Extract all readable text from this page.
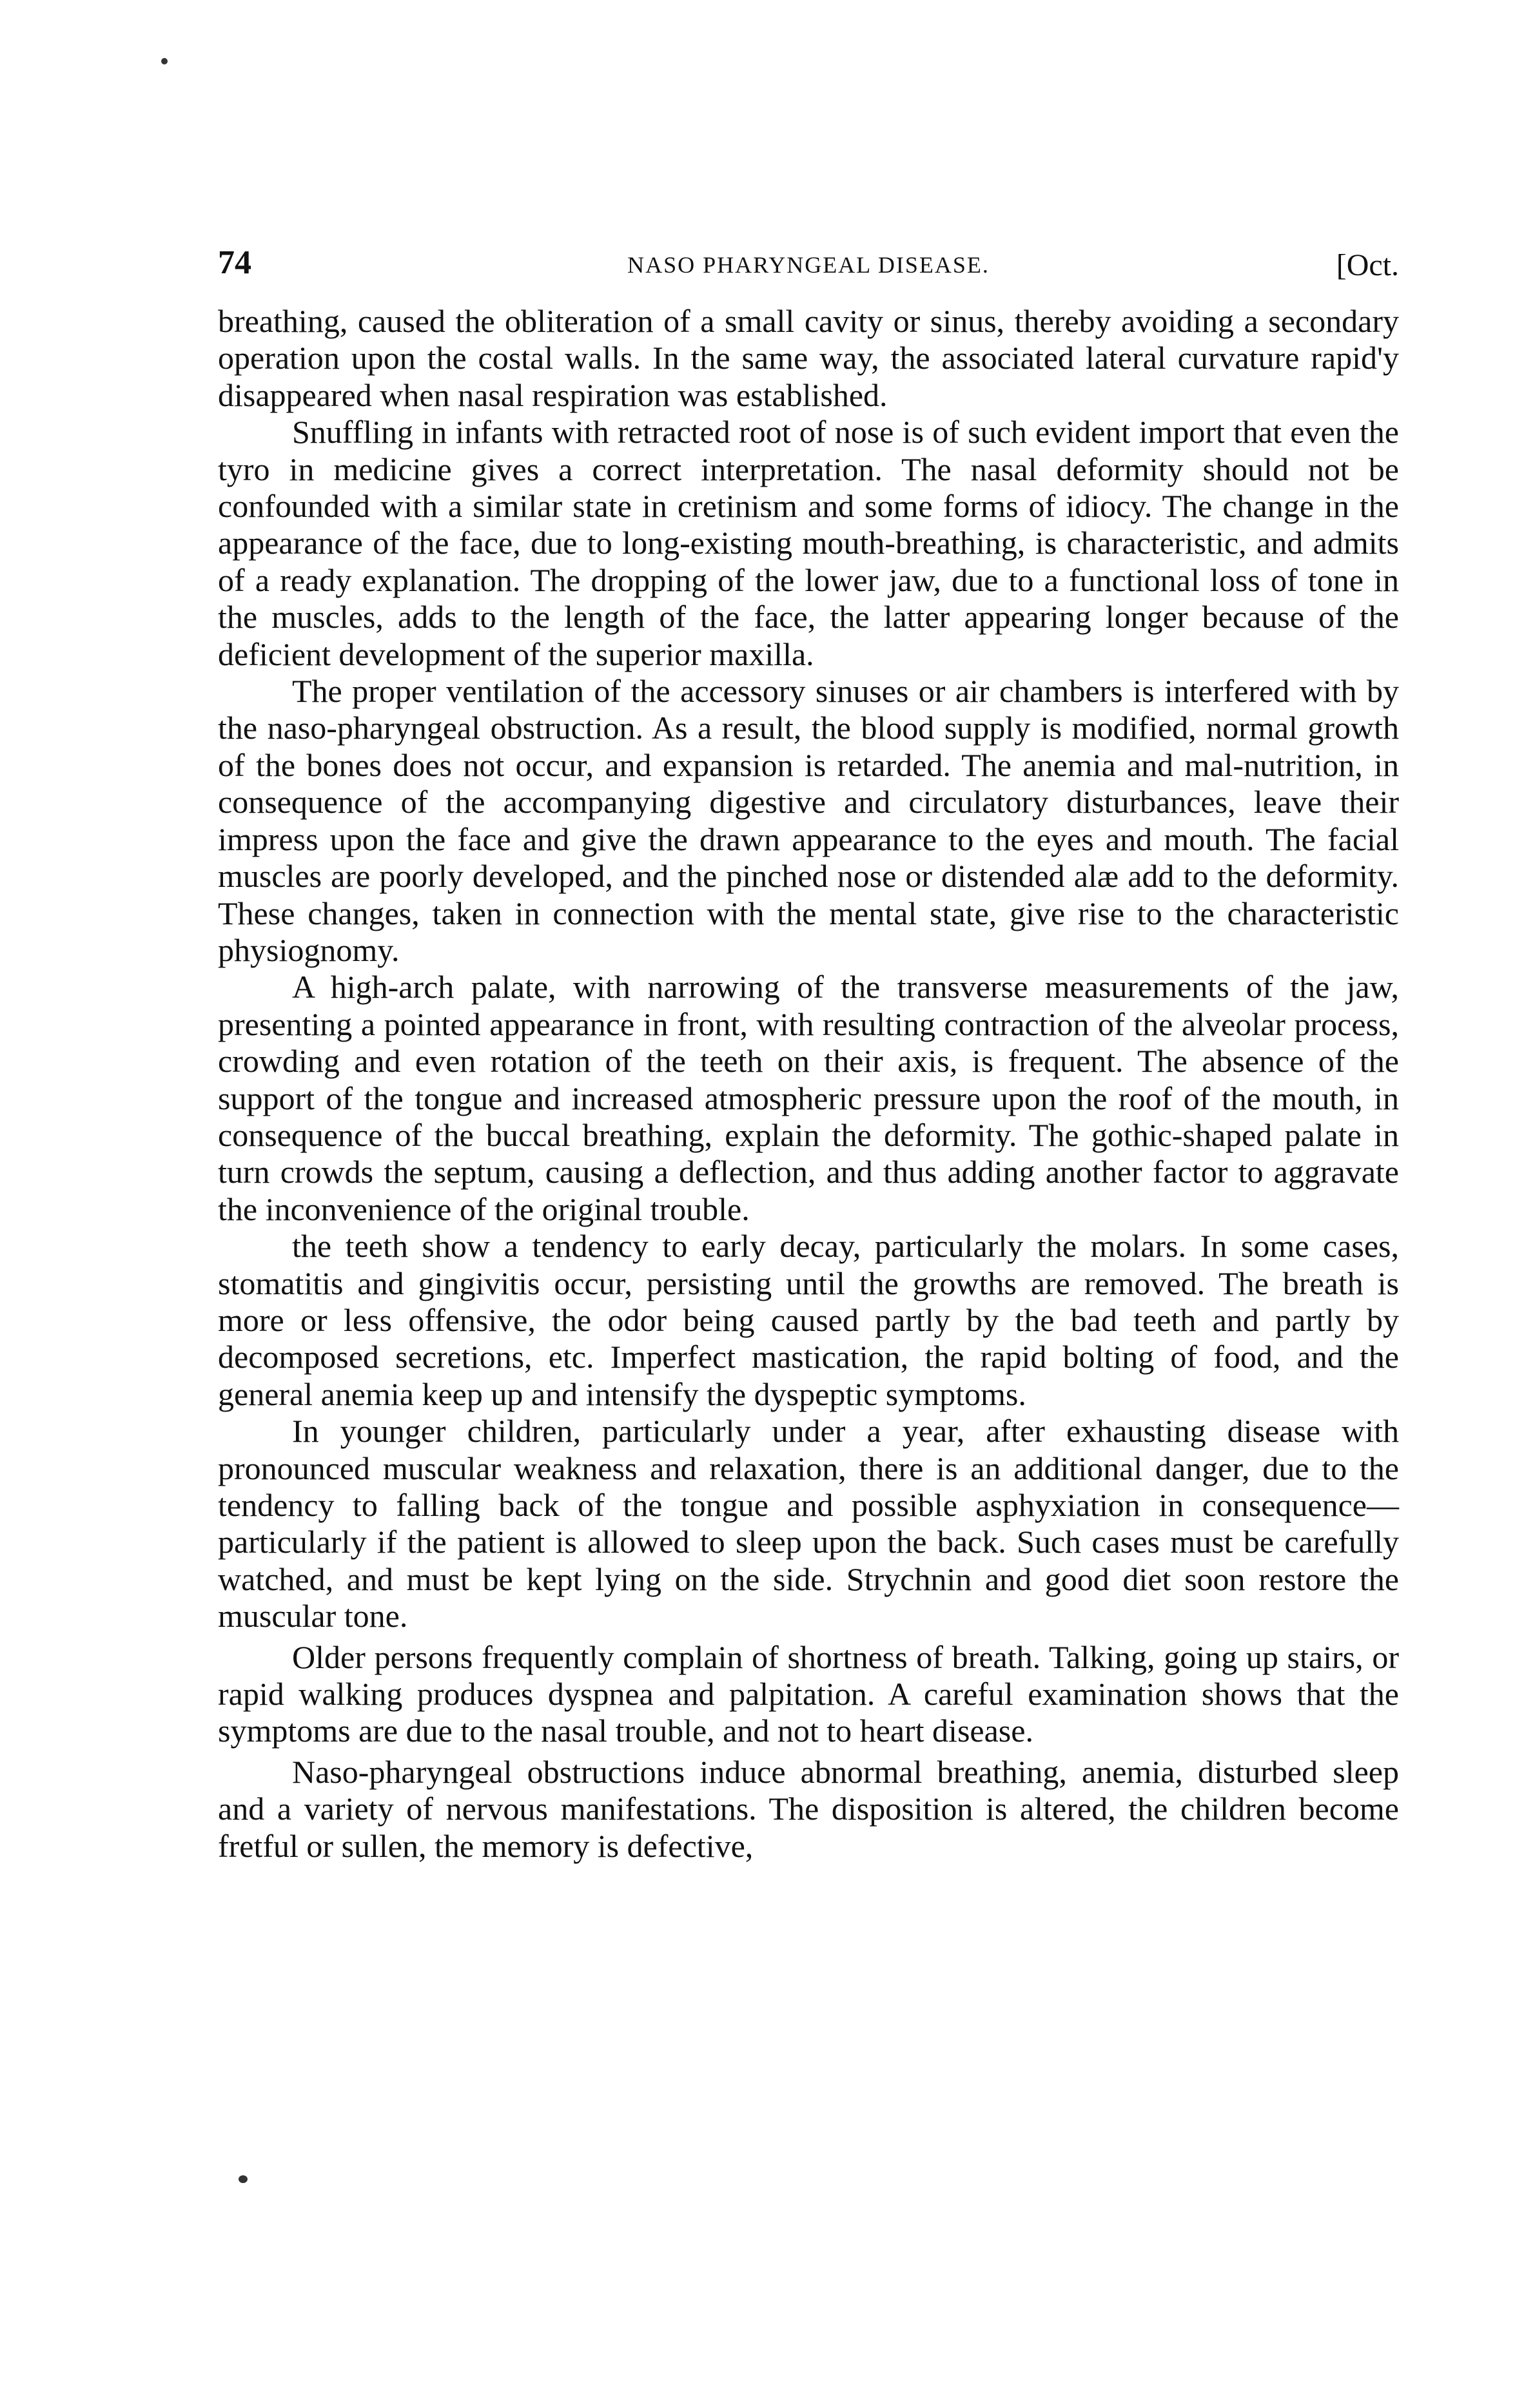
74	NASO PHARYNGEAL DISEASE.	[Oct.

breathing, caused the obliteration of a small cavity or sinus, thereby avoiding a secondary operation upon the costal walls. In the same way, the associated lateral curvature rapid'y disappeared when nasal respiration was established.

Snuffling in infants with retracted root of nose is of such evident import that even the tyro in medicine gives a correct interpretation. The nasal deformity should not be confounded with a similar state in cretinism and some forms of idiocy. The change in the appearance of the face, due to long-existing mouth-breathing, is characteristic, and admits of a ready explanation. The dropping of the lower jaw, due to a functional loss of tone in the muscles, adds to the length of the face, the latter appearing longer because of the deficient development of the superior maxilla.

The proper ventilation of the accessory sinuses or air chambers is interfered with by the naso-pharyngeal obstruction. As a result, the blood supply is modified, normal growth of the bones does not occur, and expansion is retarded. The anemia and mal-nutrition, in consequence of the accompanying digestive and circulatory disturbances, leave their impress upon the face and give the drawn appearance to the eyes and mouth. The facial muscles are poorly developed, and the pinched nose or distended alæ add to the deformity. These changes, taken in connection with the mental state, give rise to the characteristic physiognomy.

A high-arch palate, with narrowing of the transverse measurements of the jaw, presenting a pointed appearance in front, with resulting contraction of the alveolar process, crowding and even rotation of the teeth on their axis, is frequent. The absence of the support of the tongue and increased atmospheric pressure upon the roof of the mouth, in consequence of the buccal breathing, explain the deformity. The gothic-shaped palate in turn crowds the septum, causing a deflection, and thus adding another factor to aggravate the inconvenience of the original trouble.

the teeth show a tendency to early decay, particularly the molars. In some cases, stomatitis and gingivitis occur, persisting until the growths are removed. The breath is more or less offensive, the odor being caused partly by the bad teeth and partly by decomposed secretions, etc. Imperfect mastication, the rapid bolting of food, and the general anemia keep up and intensify the dyspeptic symptoms.

In younger children, particularly under a year, after exhausting disease with pronounced muscular weakness and relaxation, there is an additional danger, due to the tendency to falling back of the tongue and possible asphyxiation in consequence—particularly if the patient is allowed to sleep upon the back. Such cases must be carefully watched, and must be kept lying on the side. Strychnin and good diet soon restore the muscular tone.

Older persons frequently complain of shortness of breath. Talking, going up stairs, or rapid walking produces dyspnea and palpitation. A careful examination shows that the symptoms are due to the nasal trouble, and not to heart disease.

Naso-pharyngeal obstructions induce abnormal breathing, anemia, disturbed sleep and a variety of nervous manifestations. The disposition is altered, the children become fretful or sullen, the memory is defective,
